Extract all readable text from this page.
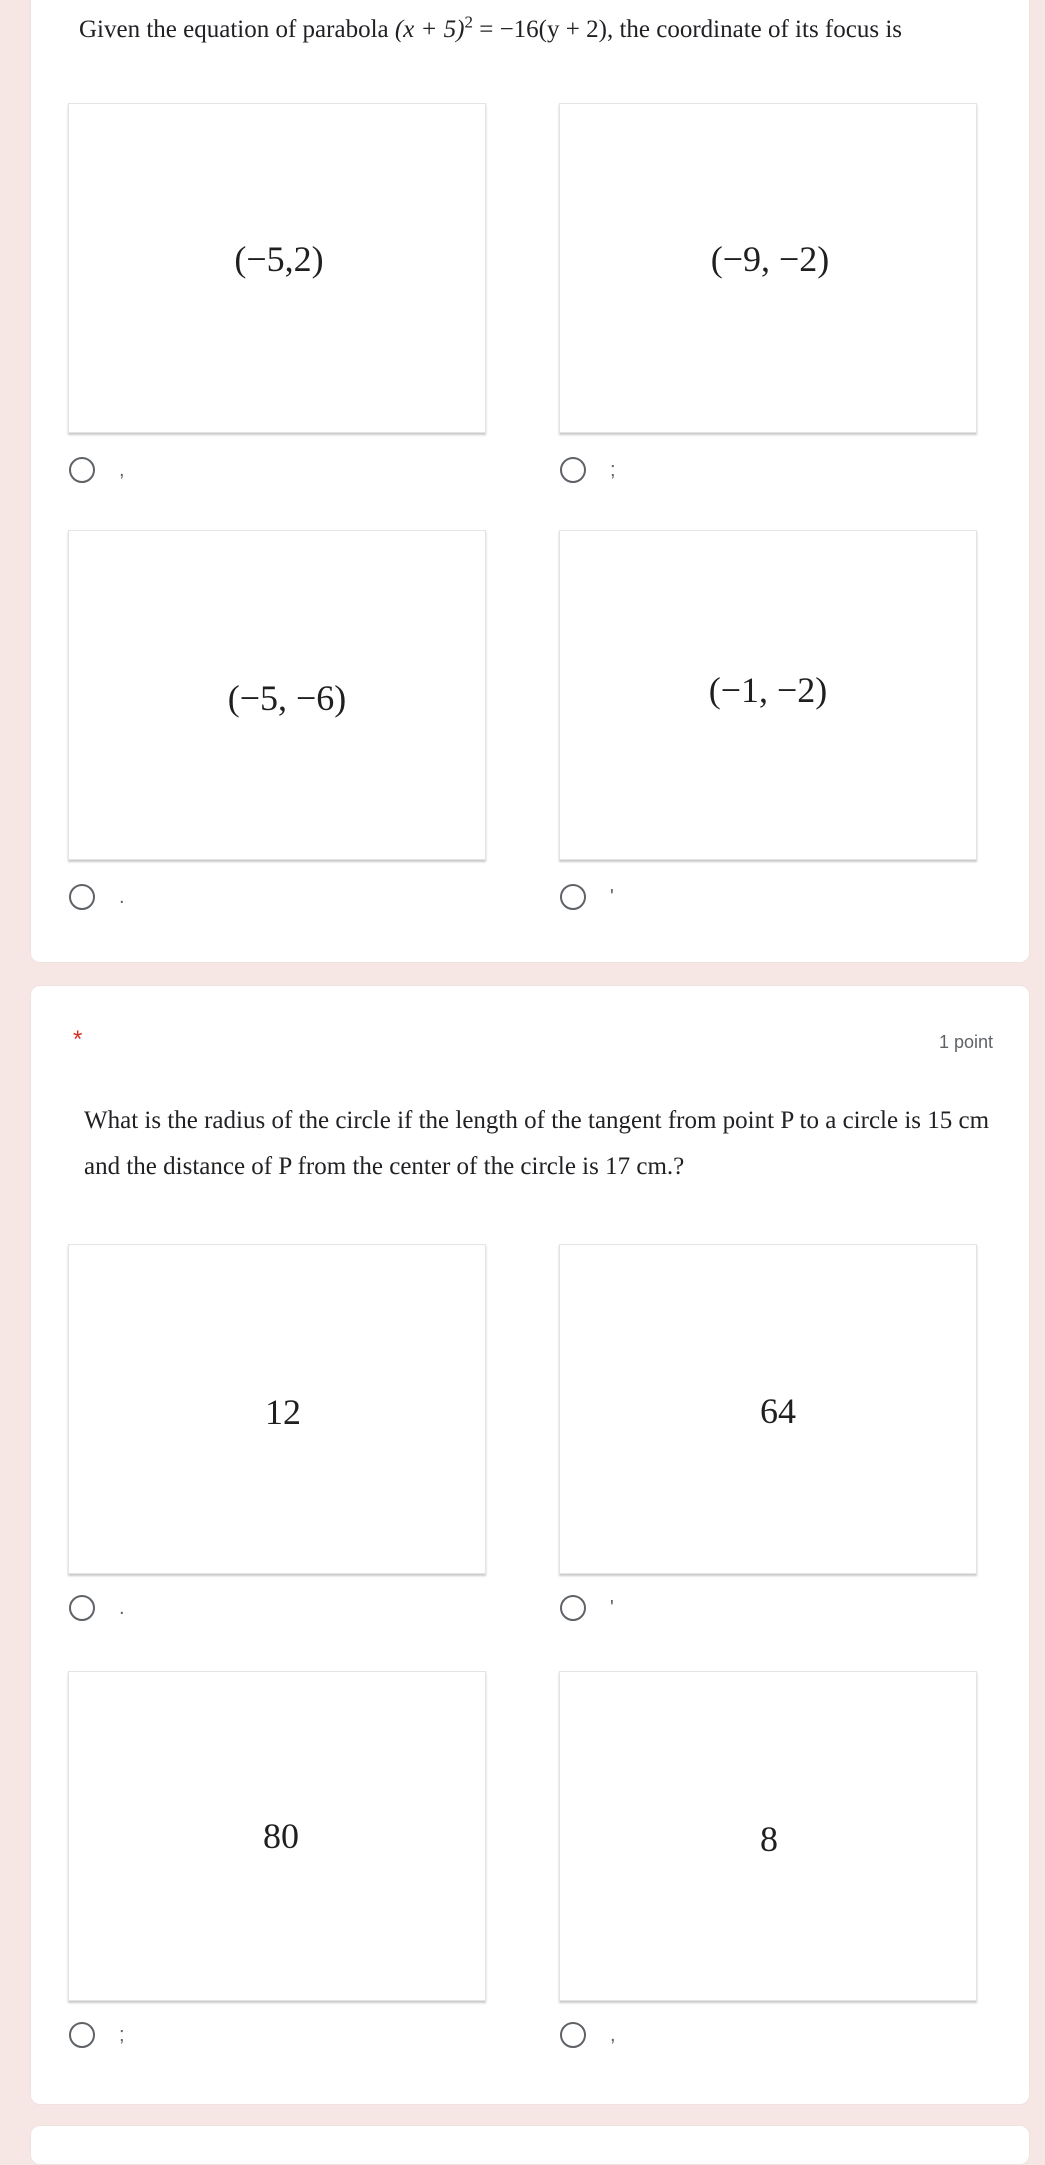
Given the equation of parabola $(x + 5)^2 = -16(y + 2)$, the coordinate of its focus is
(−5,2)	(−9, −2)
,	;
(−5, −6)	(−1, −2)
.	'
*	1 point
What is the radius of the circle if the length of the tangent from point P to a circle is 15 cm and the distance of P from the center of the circle is 17 cm.?
12	64
.	'
80	8
;	,
